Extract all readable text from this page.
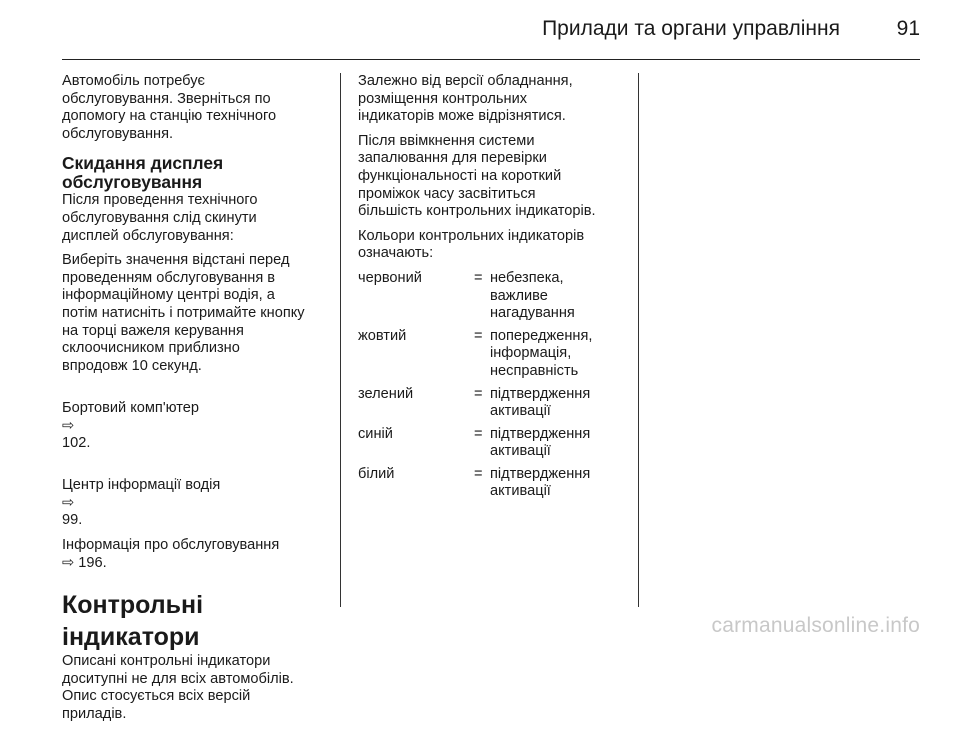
Прилади та органи управління	91

Автомобіль потребує
обслуговування. Зверніться по
допомогу на станцію технічного
обслуговування.

Скидання дисплея
обслуговування

Після проведення технічного
обслуговування слід скинути
дисплей обслуговування:

Виберіть значення відстані перед
проведенням обслуговування в
інформаційному центрі водія, а
потім натисніть і потримайте кнопку
на торці важеля керування
склоочисником приблизно
впродовж 10 секунд.

Бортовий комп'ютер
⇨
102.

Центр інформації водія
⇨
99.

Інформація про обслуговування
⇨ 196.

Контрольні індикатори

Описані контрольні індикатори
доситупні не для всіх автомобілів.
Опис стосується всіх версій
приладів.

Залежно від версії обладнання,
розміщення контрольних
індикаторів може відрізнятися.

Після ввімкнення системи
запалювання для перевірки
функціональності на короткий
проміжок часу засвітиться
більшість контрольних індикаторів.

Кольори контрольних індикаторів
означають:

червоний	=	небезпека,
важливе
нагадування
жовтий	=	попередження,
інформація,
несправність
зелений	=	підтвердження
активації
синій	=	підтвердження
активації
білий	=	підтвердження
активації
carmanualsonline.info
